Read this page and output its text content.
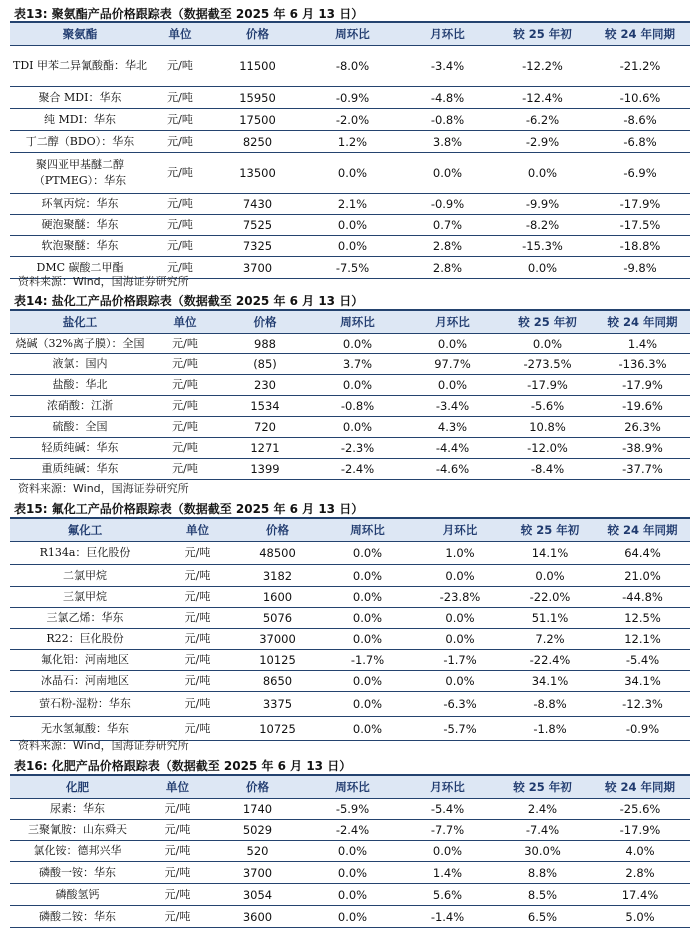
表13: 聚氨酯产品价格跟踪表（数据截至 2025 年 6 月 13 日）
聚氨酯	单位	价格	周环比	月环比	较 25 年初	较 24 年同期
TDI 甲苯二异氰酸酯：华北	元/吨	11500	-8.0%	-3.4%	-12.2%	-21.2%
聚合 MDI：华东	元/吨	15950	-0.9%	-4.8%	-12.4%	-10.6%
纯 MDI：华东	元/吨	17500	-2.0%	-0.8%	-6.2%	-8.6%
丁二醇（BDO）：华东	元/吨	8250	1.2%	3.8%	-2.9%	-6.8%
聚四亚甲基醚二醇（PTMEG）：华东	元/吨	13500	0.0%	0.0%	0.0%	-6.9%
环氧丙烷：华东	元/吨	7430	2.1%	-0.9%	-9.9%	-17.9%
硬泡聚醚：华东	元/吨	7525	0.0%	0.7%	-8.2%	-17.5%
软泡聚醚：华东	元/吨	7325	0.0%	2.8%	-15.3%	-18.8%
DMC 碳酸二甲酯	元/吨	3700	-7.5%	2.8%	0.0%	-9.8%
资料来源：Wind，国海证券研究所
表14: 盐化工产品价格跟踪表（数据截至 2025 年 6 月 13 日）
盐化工	单位	价格	周环比	月环比	较 25 年初	较 24 年同期
烧碱（32%离子膜）：全国	元/吨	988	0.0%	0.0%	0.0%	1.4%
液氯：国内	元/吨	(85)	3.7%	97.7%	-273.5%	-136.3%
盐酸：华北	元/吨	230	0.0%	0.0%	-17.9%	-17.9%
浓硝酸：江浙	元/吨	1534	-0.8%	-3.4%	-5.6%	-19.6%
硫酸：全国	元/吨	720	0.0%	4.3%	10.8%	26.3%
轻质纯碱：华东	元/吨	1271	-2.3%	-4.4%	-12.0%	-38.9%
重质纯碱：华东	元/吨	1399	-2.4%	-4.6%	-8.4%	-37.7%
资料来源：Wind，国海证券研究所
表15: 氟化工产品价格跟踪表（数据截至 2025 年 6 月 13 日）
氟化工	单位	价格	周环比	月环比	较 25 年初	较 24 年同期
R134a：巨化股份	元/吨	48500	0.0%	1.0%	14.1%	64.4%
二氯甲烷	元/吨	3182	0.0%	0.0%	0.0%	21.0%
三氯甲烷	元/吨	1600	0.0%	-23.8%	-22.0%	-44.8%
三氯乙烯：华东	元/吨	5076	0.0%	0.0%	51.1%	12.5%
R22：巨化股份	元/吨	37000	0.0%	0.0%	7.2%	12.1%
氟化铝：河南地区	元/吨	10125	-1.7%	-1.7%	-22.4%	-5.4%
冰晶石：河南地区	元/吨	8650	0.0%	0.0%	34.1%	34.1%
萤石粉-湿粉：华东	元/吨	3375	0.0%	-6.3%	-8.8%	-12.3%
无水氢氟酸：华东	元/吨	10725	0.0%	-5.7%	-1.8%	-0.9%
资料来源：Wind，国海证券研究所
表16: 化肥产品价格跟踪表（数据截至 2025 年 6 月 13 日）
化肥	单位	价格	周环比	月环比	较 25 年初	较 24 年同期
尿素：华东	元/吨	1740	-5.9%	-5.4%	2.4%	-25.6%
三聚氰胺：山东舜天	元/吨	5029	-2.4%	-7.7%	-7.4%	-17.9%
氯化铵：德邦兴华	元/吨	520	0.0%	0.0%	30.0%	4.0%
磷酸一铵：华东	元/吨	3700	0.0%	1.4%	8.8%	2.8%
磷酸氢钙	元/吨	3054	0.0%	5.6%	8.5%	17.4%
磷酸二铵：华东	元/吨	3600	0.0%	-1.4%	6.5%	5.0%
